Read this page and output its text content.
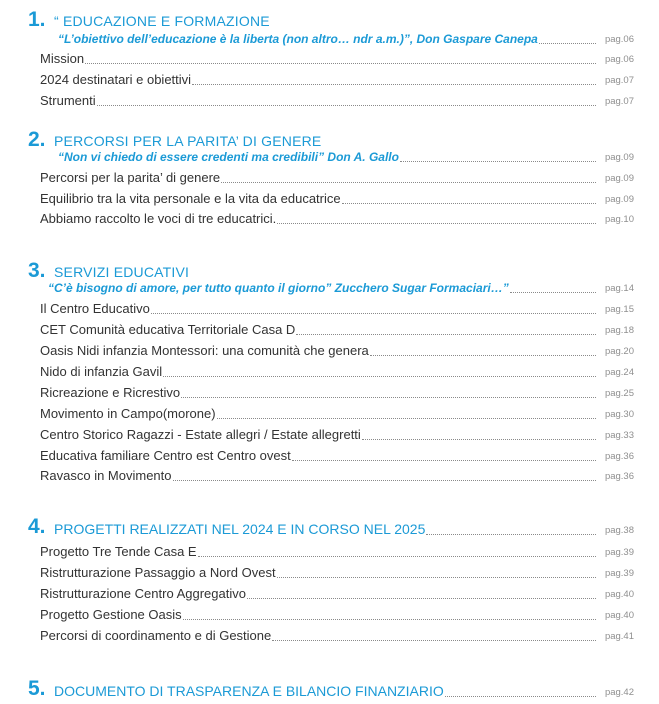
1. “ EDUCAZIONE E FORMAZIONE
“L’obiettivo dell’educazione è la liberta (non altro… ndr a.m.)”, Don Gaspare Canepa	pag.06
Mission	pag.06
2024 destinatari e obiettivi	pag.07
Strumenti	pag.07
2. PERCORSI PER LA PARITA’ DI GENERE
“Non vi chiedo di essere credenti ma credibili” Don A. Gallo	pag.09
Percorsi per la parita’ di genere	pag.09
Equilibrio tra la vita personale e la vita da educatrice	pag.09
Abbiamo raccolto le voci di tre educatrici.	pag.10
3. SERVIZI EDUCATIVI
“C’è bisogno di amore, per tutto quanto il giorno” Zucchero Sugar Formaciari…”	pag.14
Il Centro Educativo	pag.15
CET Comunità educativa Territoriale Casa D	pag.18
Oasis Nidi infanzia Montessori: una comunità che genera	pag.20
Nido di infanzia Gavil	pag.24
Ricreazione e Ricrestivo	pag.25
Movimento in Campo(morone)	pag.30
Centro Storico Ragazzi - Estate allegri / Estate allegretti	pag.33
Educativa familiare Centro est Centro ovest	pag.36
Ravasco in Movimento	pag.36
4. PROGETTI REALIZZATI NEL 2024 E IN CORSO NEL 2025	pag.38
Progetto Tre Tende Casa E	pag.39
Ristrutturazione Passaggio a Nord Ovest	pag.39
Ristrutturazione Centro Aggregativo	pag.40
Progetto Gestione Oasis	pag.40
Percorsi di coordinamento e di Gestione	pag.41
5. DOCUMENTO DI TRASPARENZA E BILANCIO FINANZIARIO	pag.42
